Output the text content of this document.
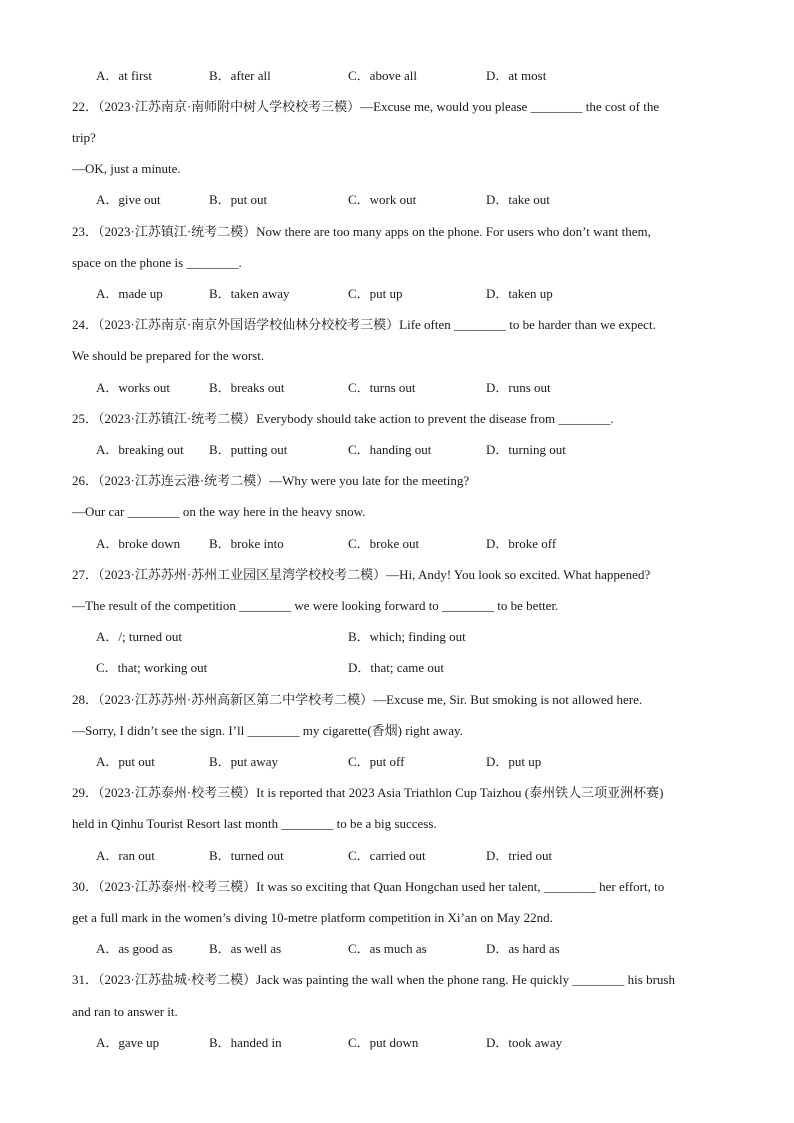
A．at first	B．after all	C．above all	D．at most
22．（2023·江苏南京·南师附中树人学校校考三模）—Excuse me, would you please ________ the cost of the
trip?
—OK, just a minute.
A．give out	B．put out	C．work out	D．take out
23．（2023·江苏镇江·统考二模）Now there are too many apps on the phone. For users who don’t want them,
space on the phone is ________.
A．made up	B．taken away	C．put up	D．taken up
24．（2023·江苏南京·南京外国语学校仙林分校校考三模）Life often ________ to be harder than we expect.
We should be prepared for the worst.
A．works out	B．breaks out	C．turns out	D．runs out
25．（2023·江苏镇江·统考二模）Everybody should take action to prevent the disease from ________.
A．breaking out B．putting out	C．handing out	D．turning out
26．（2023·江苏连云港·统考二模）—Why were you late for the meeting?
—Our car ________ on the way here in the heavy snow.
A．broke down B．broke into	C．broke out	D．broke off
27．（2023·江苏苏州·苏州工业园区星湾学校校考二模）—Hi, Andy! You look so excited. What happened?
—The result of the competition ________ we were looking forward to ________ to be better.
A．/; turned out	B．which; finding out
C．that; working out	D．that; came out
28．（2023·江苏苏州·苏州高新区第二中学校考二模）—Excuse me, Sir. But smoking is not allowed here.
—Sorry, I didn’t see the sign. I’ll ________ my cigarette(香烟) right away.
A．put out	B．put away	C．put off	D．put up
29．（2023·江苏泰州·校考三模）It is reported that 2023 Asia Triathlon Cup Taizhou (泰州铁人三项亚洲杯赛)
held in Qinhu Tourist Resort last month ________ to be a big success.
A．ran out	B．turned out	C．carried out	D．tried out
30．（2023·江苏泰州·校考三模）It was so exciting that Quan Hongchan used her talent, ________ her effort, to
get a full mark in the women’s diving 10-metre platform competition in Xi’an on May 22nd.
A．as good as	B．as well as	C．as much as	D．as hard as
31．（2023·江苏盐城·校考二模）Jack was painting the wall when the phone rang. He quickly ________ his brush
and ran to answer it.
A．gave up	B．handed in	C．put down	D．took away
